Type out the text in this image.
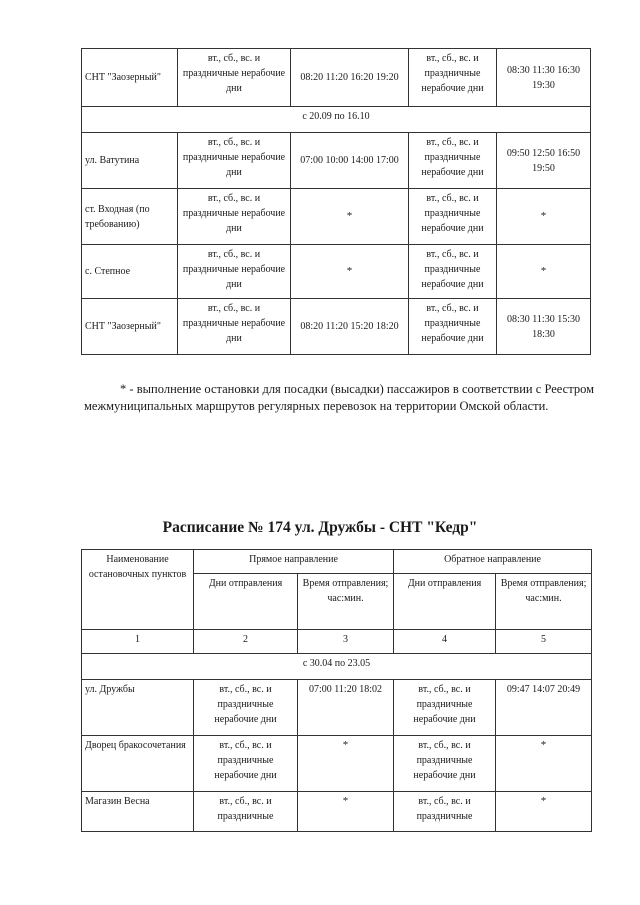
СНТ "Заозерный"	вт., сб., вс. и праздничные нерабочие дни	08:20 11:20 16:20 19:20	вт., сб., вс. и праздничные нерабочие дни	08:30 11:30 16:30 19:30
с 20.09 по 16.10				
ул. Ватутина	вт., сб., вс. и праздничные нерабочие дни	07:00 10:00 14:00 17:00	вт., сб., вс. и праздничные нерабочие дни	09:50 12:50 16:50 19:50
ст. Входная (по требованию)	вт., сб., вс. и праздничные нерабочие дни	*	вт., сб., вс. и праздничные нерабочие дни	*
с. Степное	вт., сб., вс. и праздничные нерабочие дни	*	вт., сб., вс. и праздничные нерабочие дни	*
СНТ "Заозерный"	вт., сб., вс. и праздничные нерабочие дни	08:20 11:20 15:20 18:20	вт., сб., вс. и праздничные нерабочие дни	08:30 11:30 15:30 18:30
* - выполнение остановки для посадки (высадки) пассажиров в соответствии с Реестром межмуниципальных маршрутов регулярных перевозок на территории Омской области.
Расписание № 174 ул. Дружбы - СНТ "Кедр"
Наименование остановочных пунктов	Прямое направление		Обратное направление	
	Дни отправления	Время отправления; час:мин.	Дни отправления	Время отправления; час:мин.
1	2	3	4	5
с 30.04 по 23.05				
ул. Дружбы	вт., сб., вс. и праздничные нерабочие дни	07:00 11:20 18:02	вт., сб., вс. и праздничные нерабочие дни	09:47 14:07 20:49
Дворец бракосочетания	вт., сб., вс. и праздничные нерабочие дни	*	вт., сб., вс. и праздничные нерабочие дни	*
Магазин Весна	вт., сб., вс. и праздничные	*	вт., сб., вс. и праздничные	*
